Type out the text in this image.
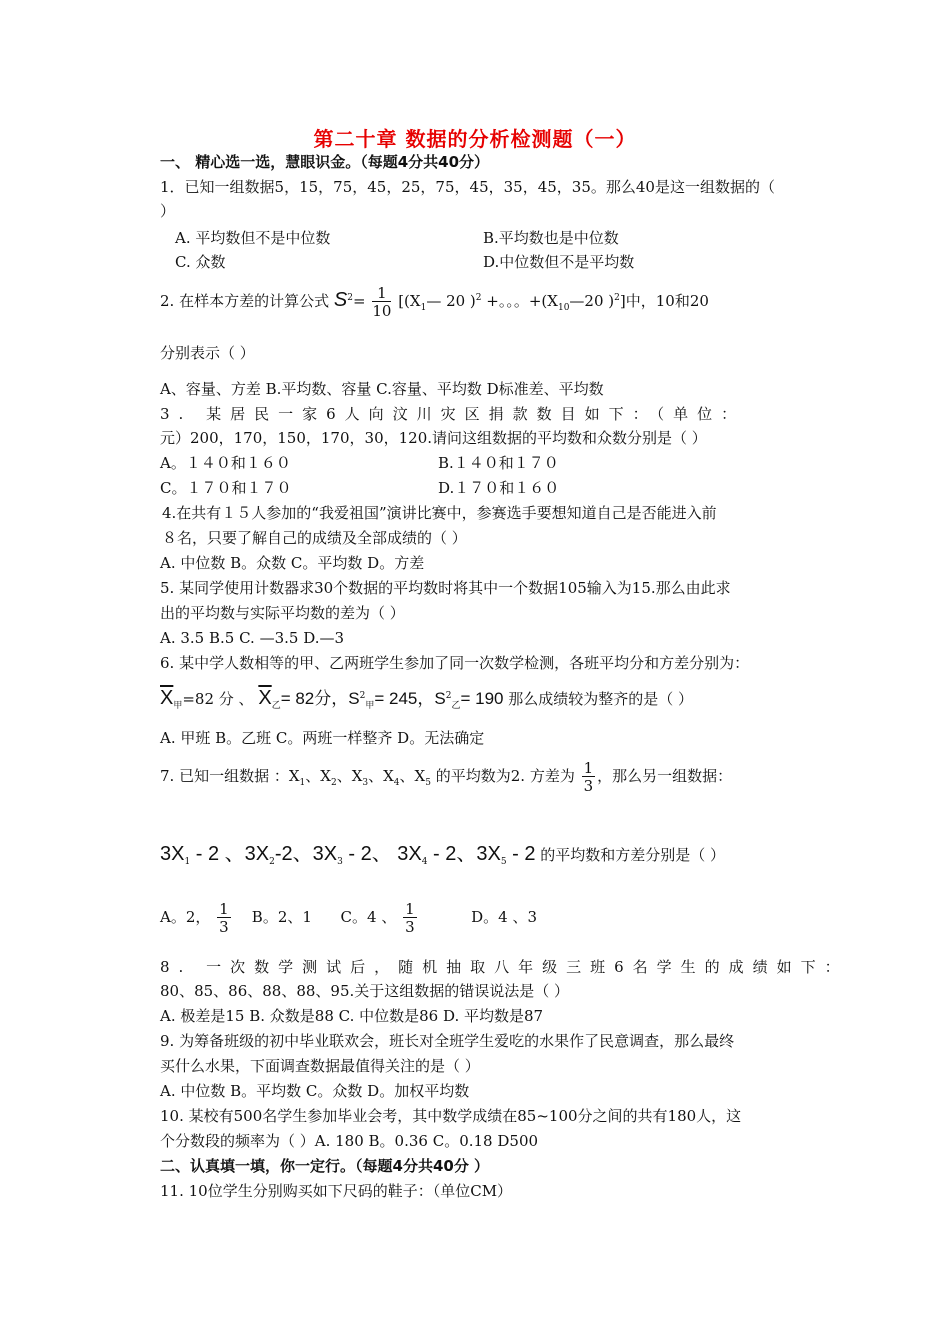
第二十章 数据的分析检测题（一）
一、 精心选一选，慧眼识金。（每题4分共40分）
1．已知一组数据5，15，75，45，25，75，45，35，45，35。那么40是这一组数据的（
）
A. 平均数但不是中位数	B.平均数也是中位数
C. 众数	D.中位数但不是平均数
2. 在样本方差的计算公式 $S^2= \frac{1}{10}$ [($X_1—$ 20 )$^2$ +。。。$+(X_{10}—20$ )$^2$]中，10和20
分别表示（ ）
A、容量、方差 B.平均数、容量 C.容量、平均数 D标准差、平均数
3. 某居民一家6人向汶川灾区捐款数目如下：（单位：
元）200，170，150，170，30，120.请问这组数据的平均数和众数分别是（ ）
A。１４０和１６０	B.１４０和１７０
C。１７０和１７０	D.１７０和１６０
4.在共有１５人参加的“我爱祖国”演讲比赛中，参赛选手要想知道自己是否能进入前
８名，只要了解自己的成绩及全部成绩的（ ）
A. 中位数 B。众数 C。平均数 D。方差
5. 某同学使用计数器求30个数据的平均数时将其中一个数据105输入为15.那么由此求
出的平均数与实际平均数的差为（ ）
A. 3.5 B.5 C. —3.5 D.—3
6. 某中学人数相等的甲、乙两班学生参加了同一次数学检测，各班平均分和方差分别为：
$\overline{X}_甲=82$ 分 、 $\overline{X}_乙= 82$分，$S^2_甲= 245$，$S^2_乙= 190$ 那么成绩较为整齐的是（ ）
A. 甲班 B。乙班 C。两班一样整齐 D。无法确定
7. 已知一组数据 ：$X_1$、$X_2$、$X_3$、$X_4$、$X_5$ 的平均数为2. 方差为 $\frac{1}{3}$ ，那么另一组数据：
$3X_1 - 2$ 、$3X_2-2$、$3X_3 - 2$、 $3X_4 - 2$、$3X_5 - 2$ 的平均数和方差分别是（ ）
A。2， $\frac{1}{3}$ B。2、1 C。4 、 $\frac{1}{3}$	D。4 、3
8. 一次数学测试后，随机抽取八年级三班6名学生的成绩如下：
80、85、86、88、88、95.关于这组数据的错误说法是（ ）
A. 极差是15 B. 众数是88 C. 中位数是86 D. 平均数是87
9. 为筹备班级的初中毕业联欢会，班长对全班学生爱吃的水果作了民意调查，那么最终
买什么水果，下面调查数据最值得关注的是（ ）
A. 中位数 B。平均数 C。众数 D。加权平均数
10. 某校有500名学生参加毕业会考，其中数学成绩在85~100分之间的共有180人，这
个分数段的频率为（ ）A. 180 B。0.36 C。0.18 D500
二、认真填一填，你一定行。（每题4分共40分 ）
11. 10位学生分别购买如下尺码的鞋子：（单位CM）
